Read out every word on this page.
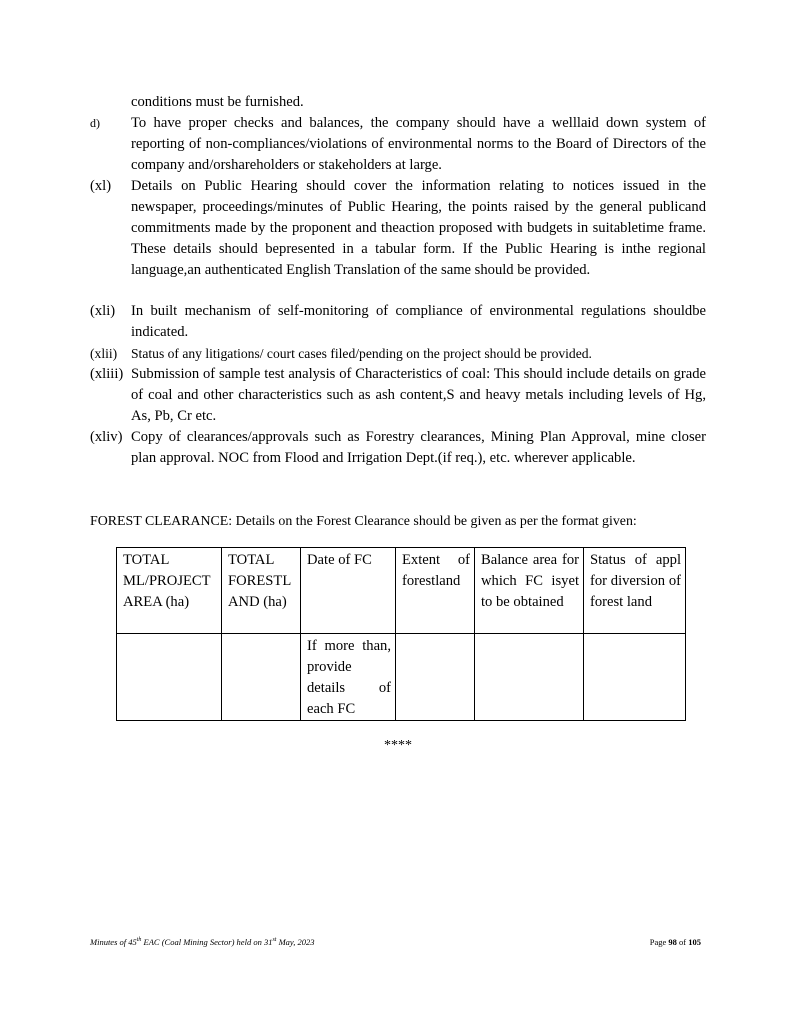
conditions must be furnished.
d) To have proper checks and balances, the company should have a welllaid down system of reporting of non-compliances/violations of environmental norms to the Board of Directors of the company and/orshareholders or stakeholders at large.
(xl) Details on Public Hearing should cover the information relating to notices issued in the newspaper, proceedings/minutes of Public Hearing, the points raised by the general publicand commitments made by the proponent and theaction proposed with budgets in suitabletime frame. These details should bepresented in a tabular form. If the Public Hearing is inthe regional language,an authenticated English Translation of the same should be provided.
(xli) In built mechanism of self-monitoring of compliance of environmental regulations shouldbe indicated.
(xlii) Status of any litigations/ court cases filed/pending on the project should be provided.
(xliii) Submission of sample test analysis of Characteristics of coal: This should include details on grade of coal and other characteristics such as ash content,S and heavy metals including levels of Hg, As, Pb, Cr etc.
(xliv) Copy of clearances/approvals such as Forestry clearances, Mining Plan Approval, mine closer plan approval. NOC from Flood and Irrigation Dept.(if req.), etc. wherever applicable.
FOREST CLEARANCE: Details on the Forest Clearance should be given as per the format given:
TOTAL ML/PROJECT AREA (ha)	TOTAL FORESTL AND (ha)	Date of FC	Extent of forestland	Balance area for which FC isyet to be obtained	Status of appl for diversion of forest land
		If more than, provide details of each FC			
****
Minutes of 45th EAC (Coal Mining Sector) held on 31st May, 2023	Page 98 of 105
